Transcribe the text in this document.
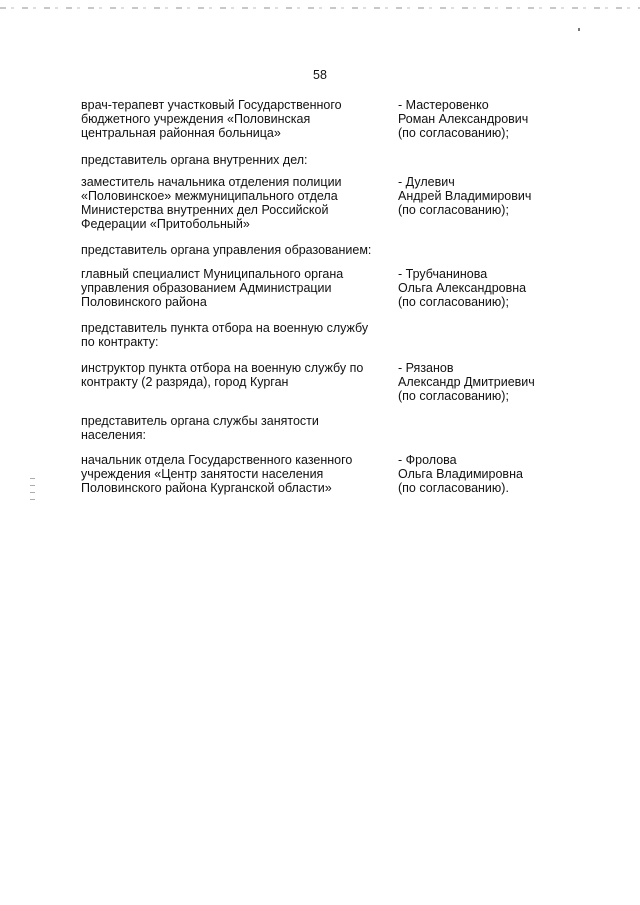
58
врач-терапевт участковый Государственного
бюджетного учреждения «Половинская
центральная районная больница»
- Мастеровенко
Роман Александрович
(по согласованию);
представитель органа внутренних дел:
заместитель начальника отделения полиции
«Половинское» межмуниципального отдела
Министерства внутренних дел Российской
Федерации «Притобольный»
- Дулевич
Андрей Владимирович
(по согласованию);
представитель органа управления образованием:
главный специалист Муниципального органа
управления образованием Администрации
Половинского района
- Трубчанинова
Ольга Александровна
(по согласованию);
представитель пункта отбора на военную службу
по контракту:
инструктор пункта отбора на военную службу по
контракту (2 разряда), город Курган
- Рязанов
Александр Дмитриевич
(по согласованию);
представитель органа службы занятости
населения:
начальник отдела Государственного казенного
учреждения «Центр занятости населения
Половинского района Курганской области»
- Фролова
Ольга Владимировна
(по согласованию).
